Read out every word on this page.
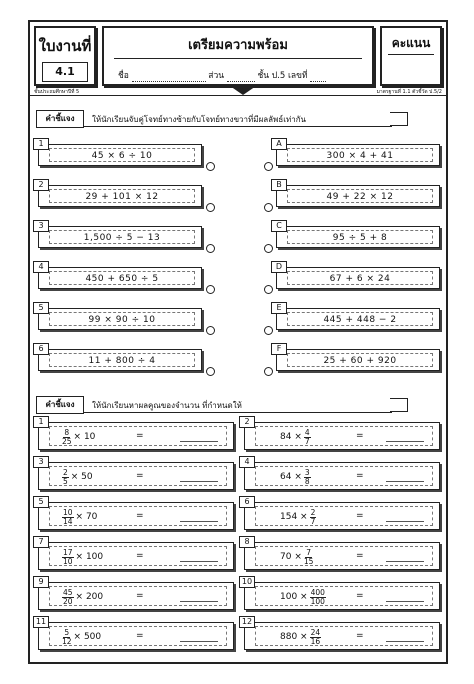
ใบงานที่
4.1
เตรียมความพร้อม
ชื่อ	ส่วน	ชั้น ป.5 เลขที่
คะแนน
ชั้นประถมศึกษาปีที่ 5	มาตรฐานที่ 1.1 ตัวชี้วัด ป.5/2
คำชี้แจง	ให้นักเรียนจับคู่โจทย์ทางซ้ายกับโจทย์ทางขวาที่มีผลลัพธ์เท่ากัน
1
45 × 6 ÷ 10
2
29 + 101 × 12
3
1,500 ÷ 5 − 13
4
450 + 650 ÷ 5
5
99 × 90 ÷ 10
6
11 + 800 ÷ 4
A
300 × 4 + 41
B
49 + 22 × 12
C
95 ÷ 5 + 8
D
67 + 6 × 24
E
445 + 448 − 2
F
25 + 60 + 920
คำชี้แจง	ให้นักเรียนหาผลคูณของจำนวน ที่กำหนดให้
1
$\frac{8}{25} \times 10$	=
2
$84 \times \frac{4}{7}$	=
3
$\frac{2}{5} \times 50$	=
4
$64 \times \frac{3}{8}$	=
5
$\frac{10}{14} \times 70$	=
6
$154 \times \frac{2}{7}$	=
7
$\frac{17}{10} \times 100$	=
8
$70 \times \frac{7}{15}$	=
9
$\frac{45}{20} \times 200$	=
10
$100 \times \frac{400}{100}$	=
11
$\frac{5}{12} \times 500$	=
12
$880 \times \frac{24}{16}$	=
